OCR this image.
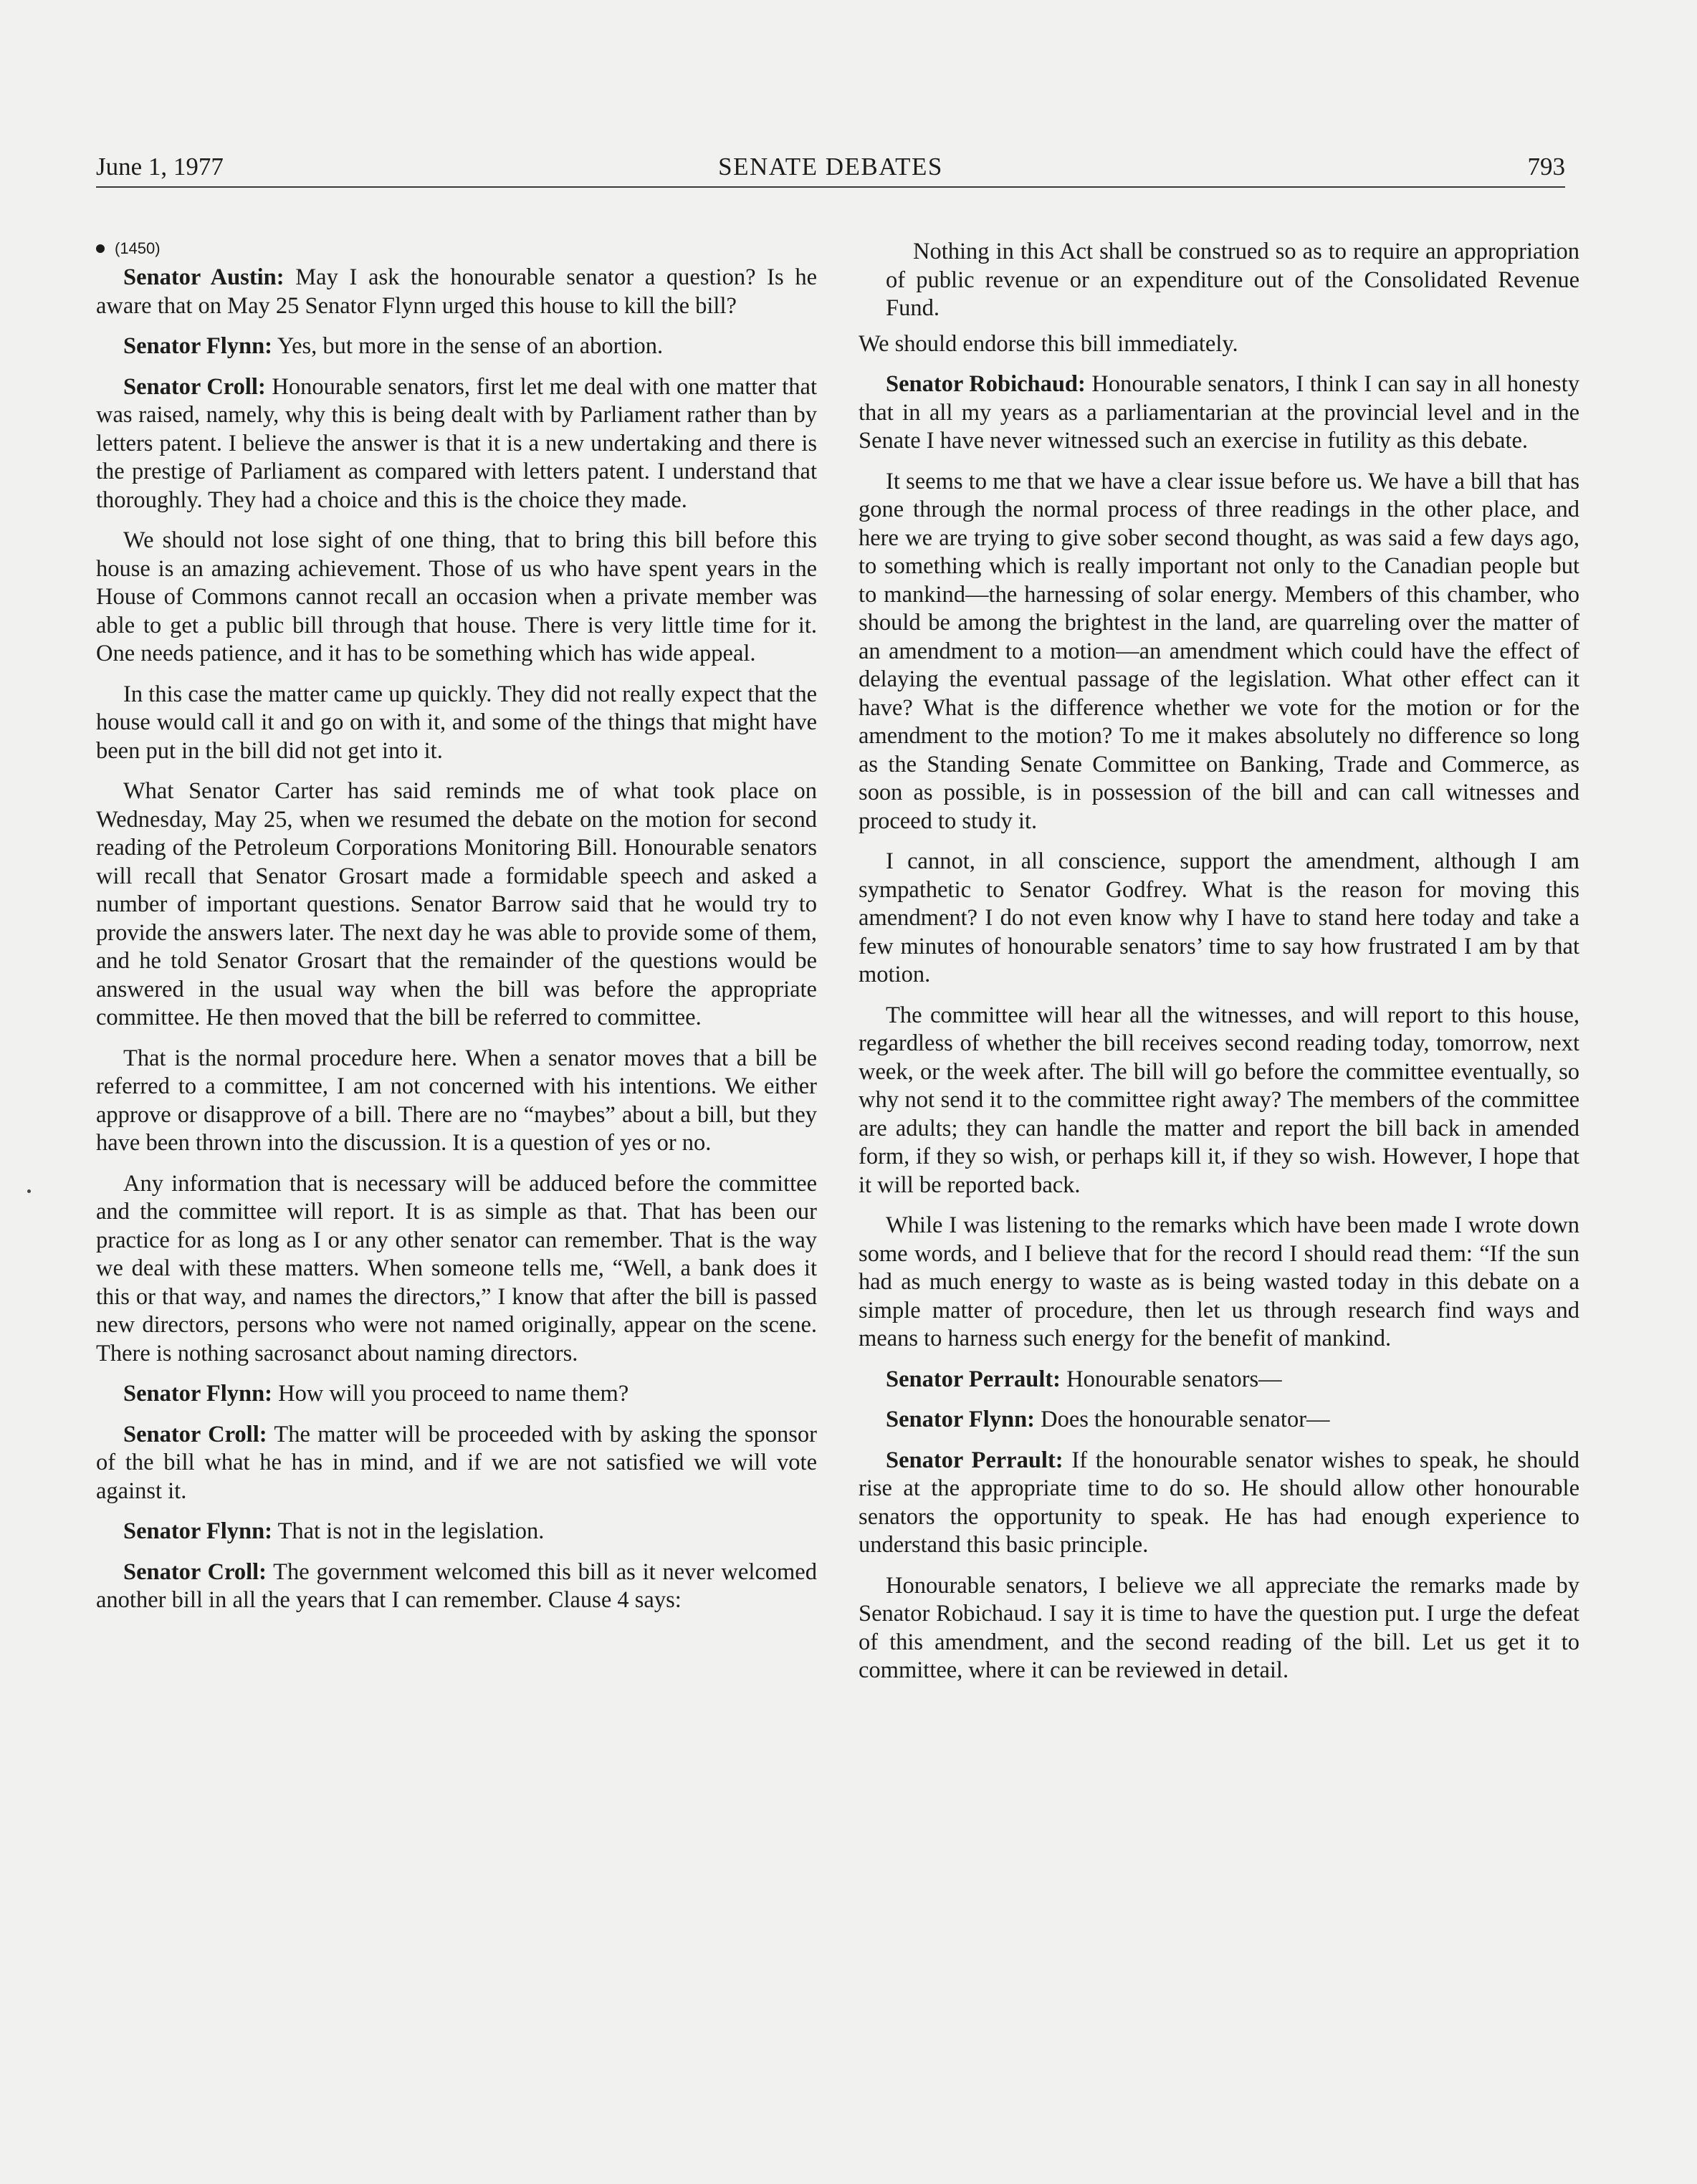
June 1, 1977	SENATE DEBATES	793
(1450)

Senator Austin: May I ask the honourable senator a question? Is he aware that on May 25 Senator Flynn urged this house to kill the bill?

Senator Flynn: Yes, but more in the sense of an abortion.

Senator Croll: Honourable senators, first let me deal with one matter that was raised, namely, why this is being dealt with by Parliament rather than by letters patent. I believe the answer is that it is a new undertaking and there is the prestige of Parliament as compared with letters patent. I understand that thoroughly. They had a choice and this is the choice they made.

We should not lose sight of one thing, that to bring this bill before this house is an amazing achievement. Those of us who have spent years in the House of Commons cannot recall an occasion when a private member was able to get a public bill through that house. There is very little time for it. One needs patience, and it has to be something which has wide appeal.

In this case the matter came up quickly. They did not really expect that the house would call it and go on with it, and some of the things that might have been put in the bill did not get into it.

What Senator Carter has said reminds me of what took place on Wednesday, May 25, when we resumed the debate on the motion for second reading of the Petroleum Corporations Monitoring Bill. Honourable senators will recall that Senator Grosart made a formidable speech and asked a number of important questions. Senator Barrow said that he would try to provide the answers later. The next day he was able to provide some of them, and he told Senator Grosart that the remainder of the questions would be answered in the usual way when the bill was before the appropriate committee. He then moved that the bill be referred to committee.

That is the normal procedure here. When a senator moves that a bill be referred to a committee, I am not concerned with his intentions. We either approve or disapprove of a bill. There are no “maybes” about a bill, but they have been thrown into the discussion. It is a question of yes or no.

Any information that is necessary will be adduced before the committee and the committee will report. It is as simple as that. That has been our practice for as long as I or any other senator can remember. That is the way we deal with these matters. When someone tells me, “Well, a bank does it this or that way, and names the directors,” I know that after the bill is passed new directors, persons who were not named originally, appear on the scene. There is nothing sacrosanct about naming directors.

Senator Flynn: How will you proceed to name them?

Senator Croll: The matter will be proceeded with by asking the sponsor of the bill what he has in mind, and if we are not satisfied we will vote against it.

Senator Flynn: That is not in the legislation.

Senator Croll: The government welcomed this bill as it never welcomed another bill in all the years that I can remember. Clause 4 says:

Nothing in this Act shall be construed so as to require an appropriation of public revenue or an expenditure out of the Consolidated Revenue Fund.

We should endorse this bill immediately.

Senator Robichaud: Honourable senators, I think I can say in all honesty that in all my years as a parliamentarian at the provincial level and in the Senate I have never witnessed such an exercise in futility as this debate.

It seems to me that we have a clear issue before us. We have a bill that has gone through the normal process of three readings in the other place, and here we are trying to give sober second thought, as was said a few days ago, to something which is really important not only to the Canadian people but to mankind—the harnessing of solar energy. Members of this chamber, who should be among the brightest in the land, are quarreling over the matter of an amendment to a motion—an amendment which could have the effect of delaying the eventual passage of the legislation. What other effect can it have? What is the difference whether we vote for the motion or for the amendment to the motion? To me it makes absolutely no difference so long as the Standing Senate Committee on Banking, Trade and Commerce, as soon as possible, is in possession of the bill and can call witnesses and proceed to study it.

I cannot, in all conscience, support the amendment, although I am sympathetic to Senator Godfrey. What is the reason for moving this amendment? I do not even know why I have to stand here today and take a few minutes of honourable senators’ time to say how frustrated I am by that motion.

The committee will hear all the witnesses, and will report to this house, regardless of whether the bill receives second reading today, tomorrow, next week, or the week after. The bill will go before the committee eventually, so why not send it to the committee right away? The members of the committee are adults; they can handle the matter and report the bill back in amended form, if they so wish, or perhaps kill it, if they so wish. However, I hope that it will be reported back.

While I was listening to the remarks which have been made I wrote down some words, and I believe that for the record I should read them: “If the sun had as much energy to waste as is being wasted today in this debate on a simple matter of procedure, then let us through research find ways and means to harness such energy for the benefit of mankind.

Senator Perrault: Honourable senators—

Senator Flynn: Does the honourable senator—

Senator Perrault: If the honourable senator wishes to speak, he should rise at the appropriate time to do so. He should allow other honourable senators the opportunity to speak. He has had enough experience to understand this basic principle.

Honourable senators, I believe we all appreciate the remarks made by Senator Robichaud. I say it is time to have the question put. I urge the defeat of this amendment, and the second reading of the bill. Let us get it to committee, where it can be reviewed in detail.
